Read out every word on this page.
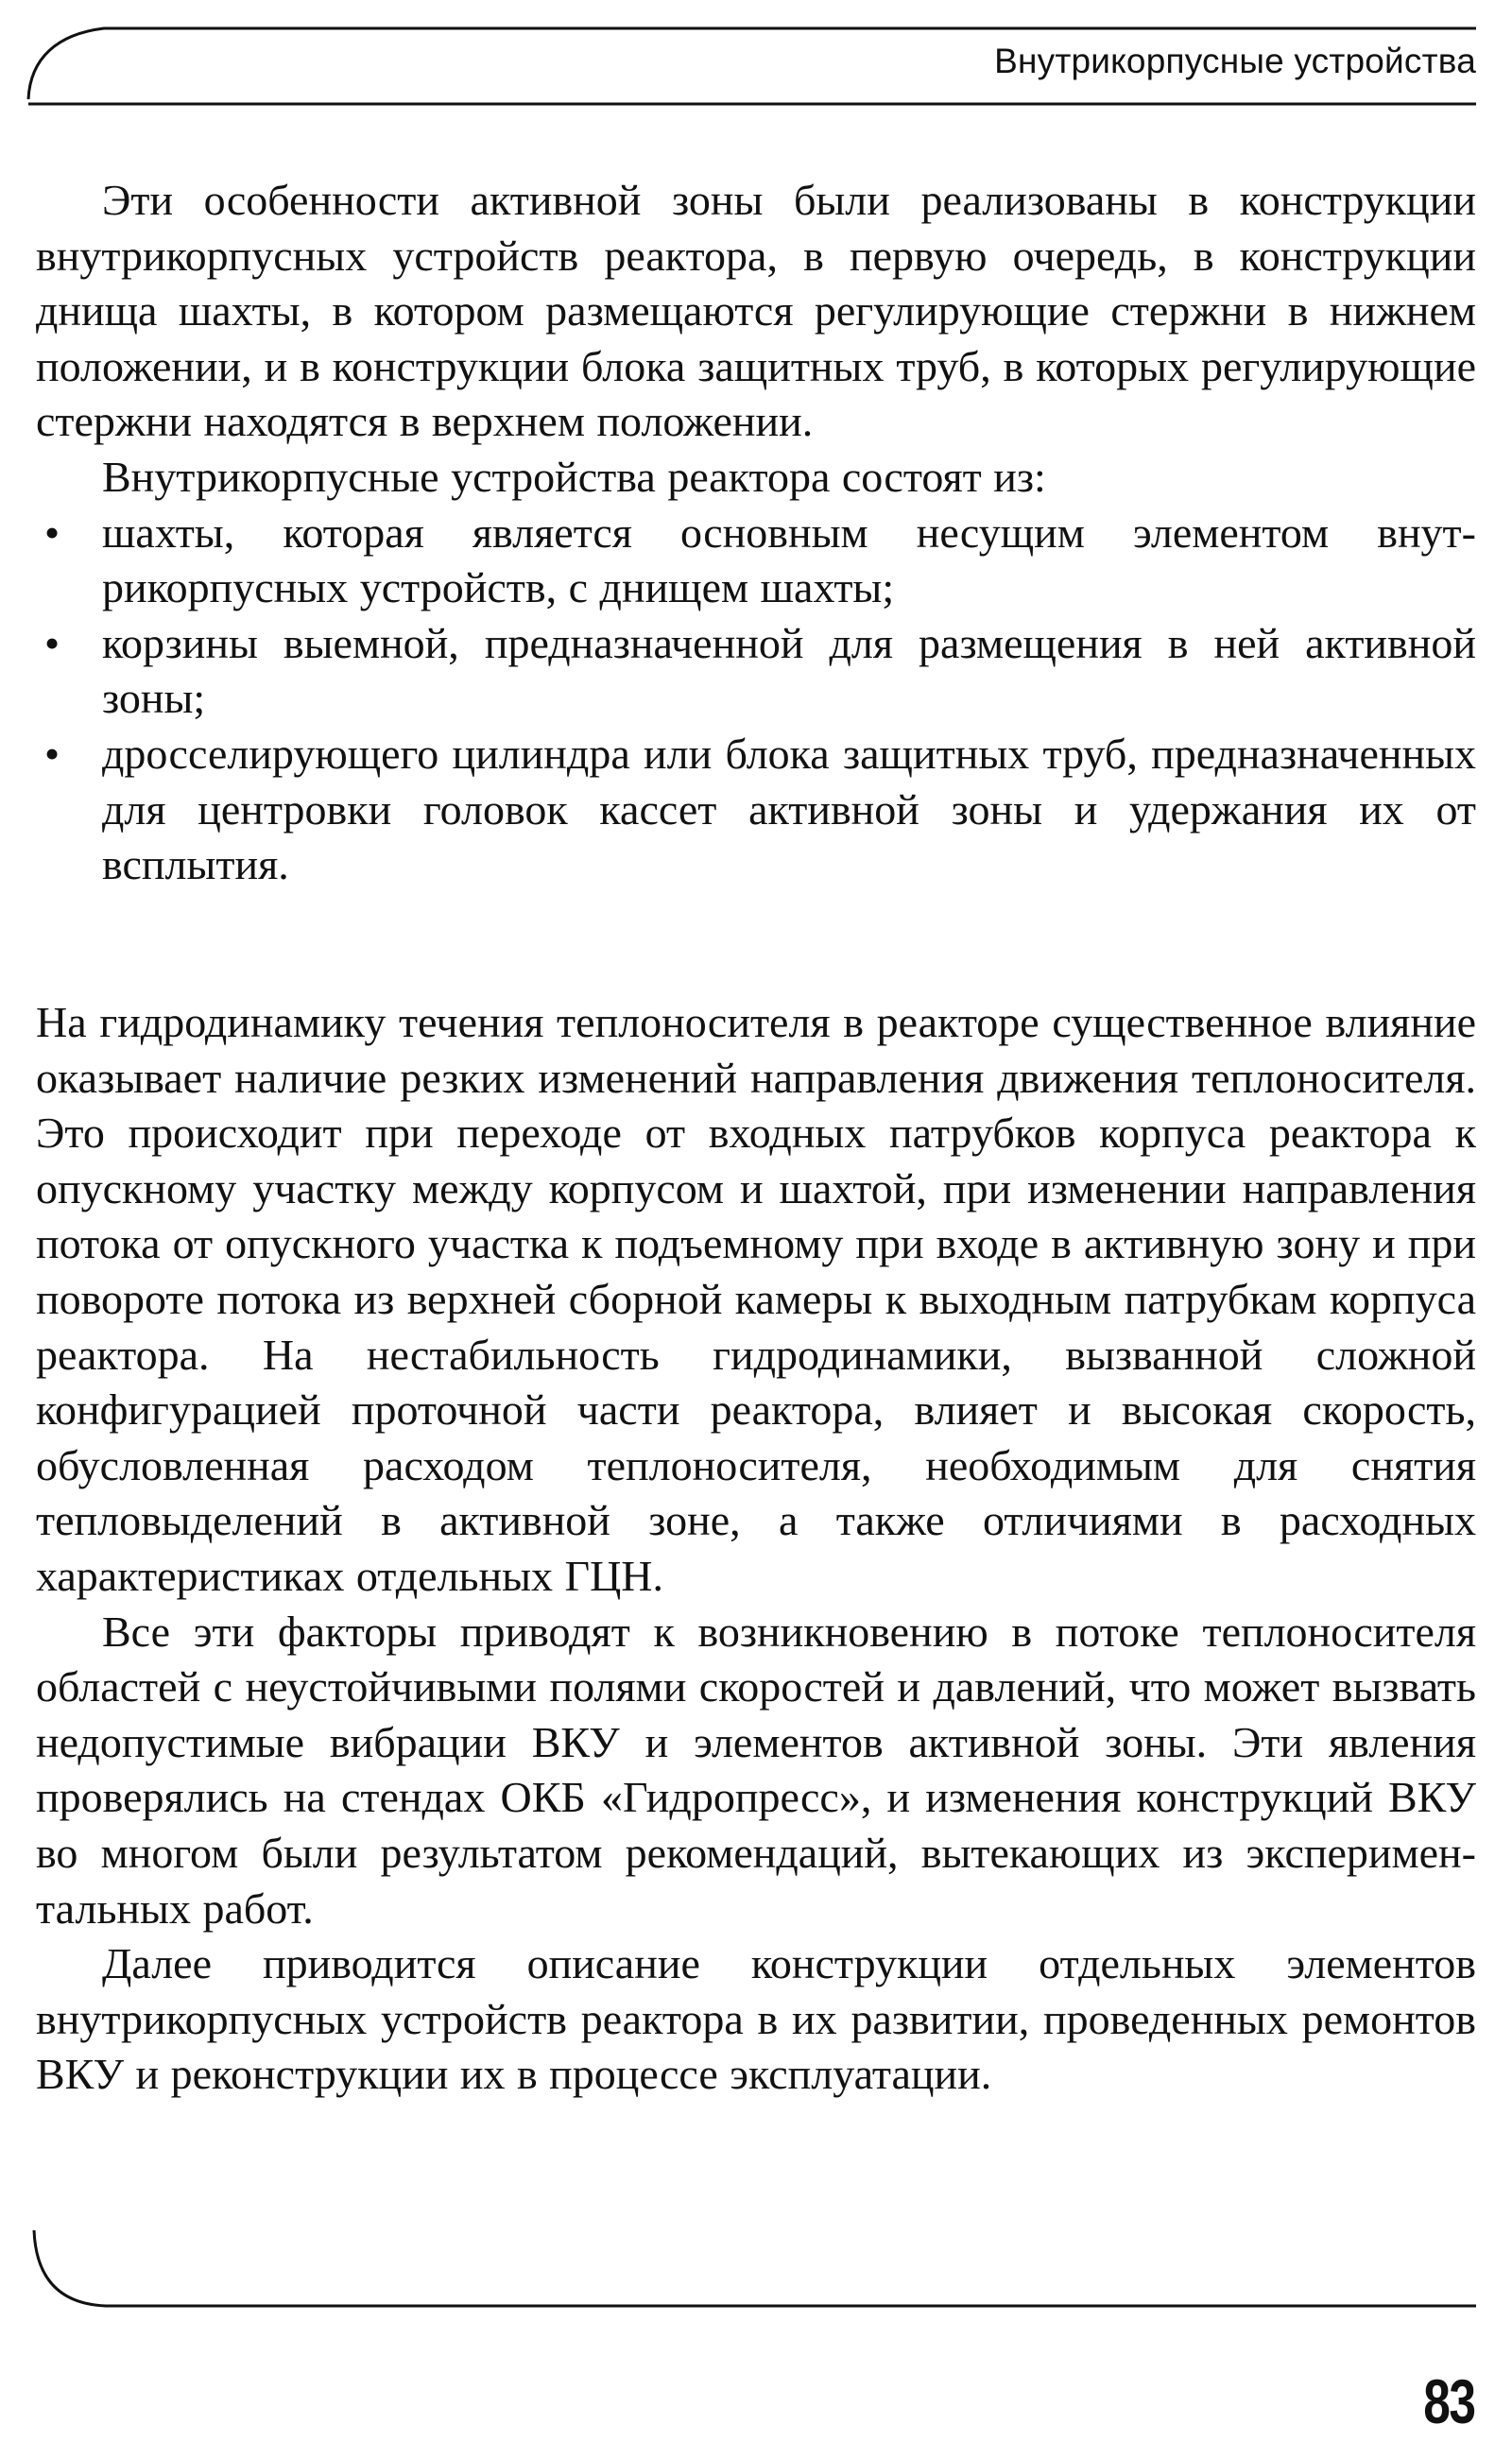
Внутрикорпусные устройства

Эти особенности активной зоны были реализованы в конструкции внутрикорпусных устройств реактора, в первую очередь, в конструкции днища шахты, в котором размещаются регулирующие стержни в нижнем положении, и в конструкции блока защитных труб, в которых регулирующие стержни находятся в верхнем положении.

Внутрикорпусные устройства реактора состоят из:

• шахты, которая является основным несущим элементом внутрикорпусных устройств, с днищем шахты;
• корзины выемной, предназначенной для размещения в ней активной зоны;
• дросселирующего цилиндра или блока защитных труб, предназначенных для центровки головок кассет активной зоны и удержания их от всплытия.

На гидродинамику течения теплоносителя в реакторе существенное влияние оказывает наличие резких изменений направления движения теплоносителя. Это происходит при переходе от входных патрубков корпуса реактора к опускному участку между корпусом и шахтой, при изменении направления потока от опускного участка к подъемному при входе в активную зону и при повороте потока из верхней сборной камеры к выходным патрубкам корпуса реактора. На нестабильность гидродинамики, вызванной сложной конфигурацией проточной части реактора, влияет и высокая скорость, обусловленная расходом теплоносителя, необходимым для снятия тепловыделений в активной зоне, а также отличиями в расходных характеристиках отдельных ГЦН.

Все эти факторы приводят к возникновению в потоке теплоносителя областей с неустойчивыми полями скоростей и давлений, что может вызвать недопустимые вибрации ВКУ и элементов активной зоны. Эти явления проверялись на стендах ОКБ «Гидропресс», и изменения конструкций ВКУ во многом были результатом рекомендаций, вытекающих из экспериментальных работ.

Далее приводится описание конструкции отдельных элементов внутрикорпусных устройств реактора в их развитии, проведенных ремонтов ВКУ и реконструкции их в процессе эксплуатации.

83
